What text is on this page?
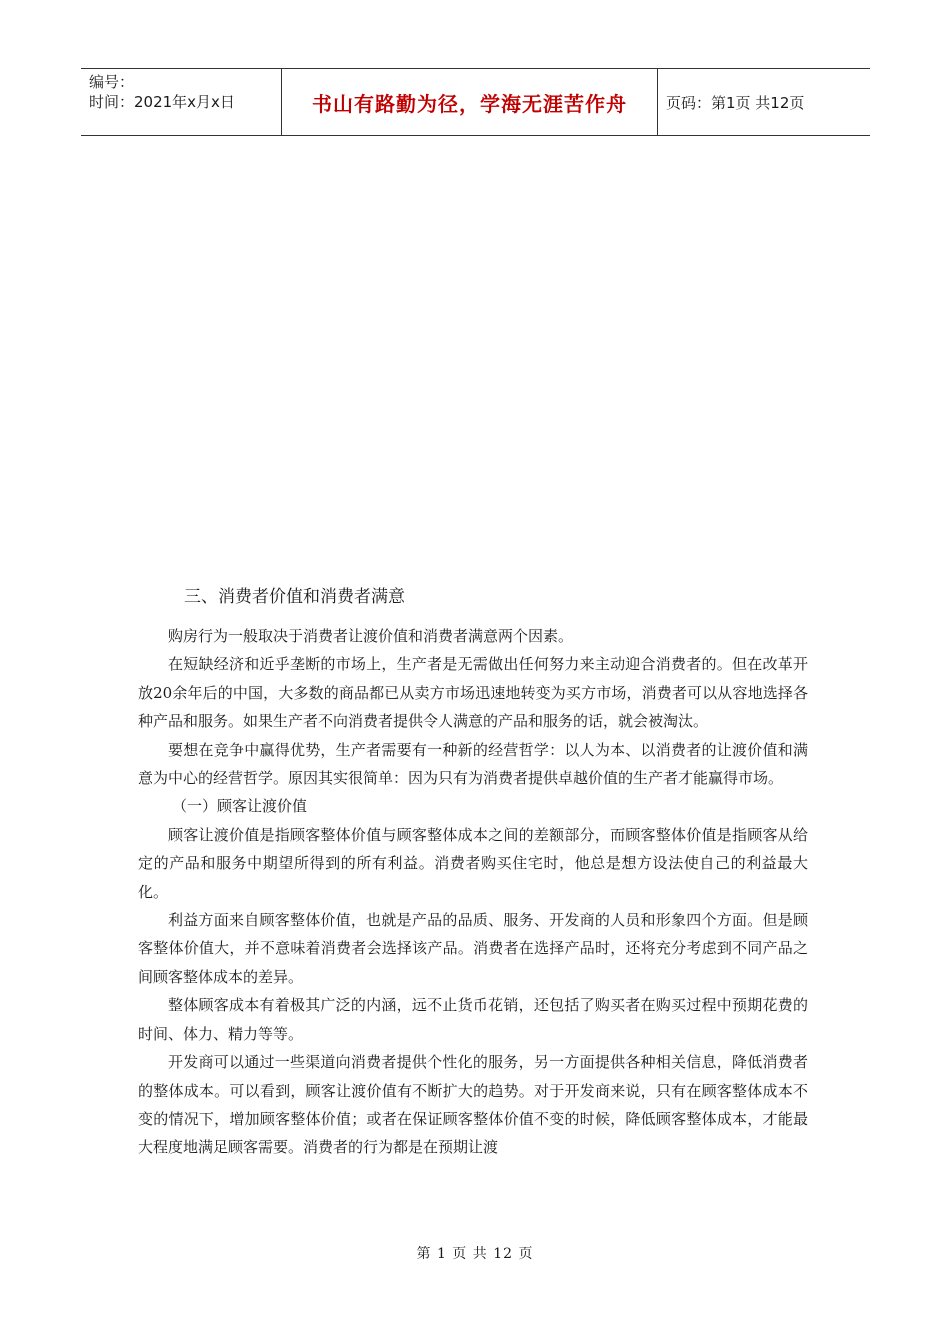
编号：
时间：2021年x月x日	书山有路勤为径，学海无涯苦作舟	页码：第1页 共12页
三、消费者价值和消费者满意

购房行为一般取决于消费者让渡价值和消费者满意两个因素。

在短缺经济和近乎垄断的市场上，生产者是无需做出任何努力来主动迎合消费者的。但在改革开放20余年后的中国，大多数的商品都已从卖方市场迅速地转变为买方市场，消费者可以从容地选择各种产品和服务。如果生产者不向消费者提供令人满意的产品和服务的话，就会被淘汰。

要想在竞争中赢得优势，生产者需要有一种新的经营哲学：以人为本、以消费者的让渡价值和满意为中心的经营哲学。原因其实很简单：因为只有为消费者提供卓越价值的生产者才能赢得市场。

（一）顾客让渡价值

顾客让渡价值是指顾客整体价值与顾客整体成本之间的差额部分，而顾客整体价值是指顾客从给定的产品和服务中期望所得到的所有利益。消费者购买住宅时，他总是想方设法使自己的利益最大化。

利益方面来自顾客整体价值，也就是产品的品质、服务、开发商的人员和形象四个方面。但是顾客整体价值大，并不意味着消费者会选择该产品。消费者在选择产品时，还将充分考虑到不同产品之间顾客整体成本的差异。

整体顾客成本有着极其广泛的内涵，远不止货币花销，还包括了购买者在购买过程中预期花费的时间、体力、精力等等。

开发商可以通过一些渠道向消费者提供个性化的服务，另一方面提供各种相关信息，降低消费者的整体成本。可以看到，顾客让渡价值有不断扩大的趋势。对于开发商来说，只有在顾客整体成本不变的情况下，增加顾客整体价值；或者在保证顾客整体价值不变的时候，降低顾客整体成本，才能最大程度地满足顾客需要。消费者的行为都是在预期让渡

第 1 页 共 12 页
